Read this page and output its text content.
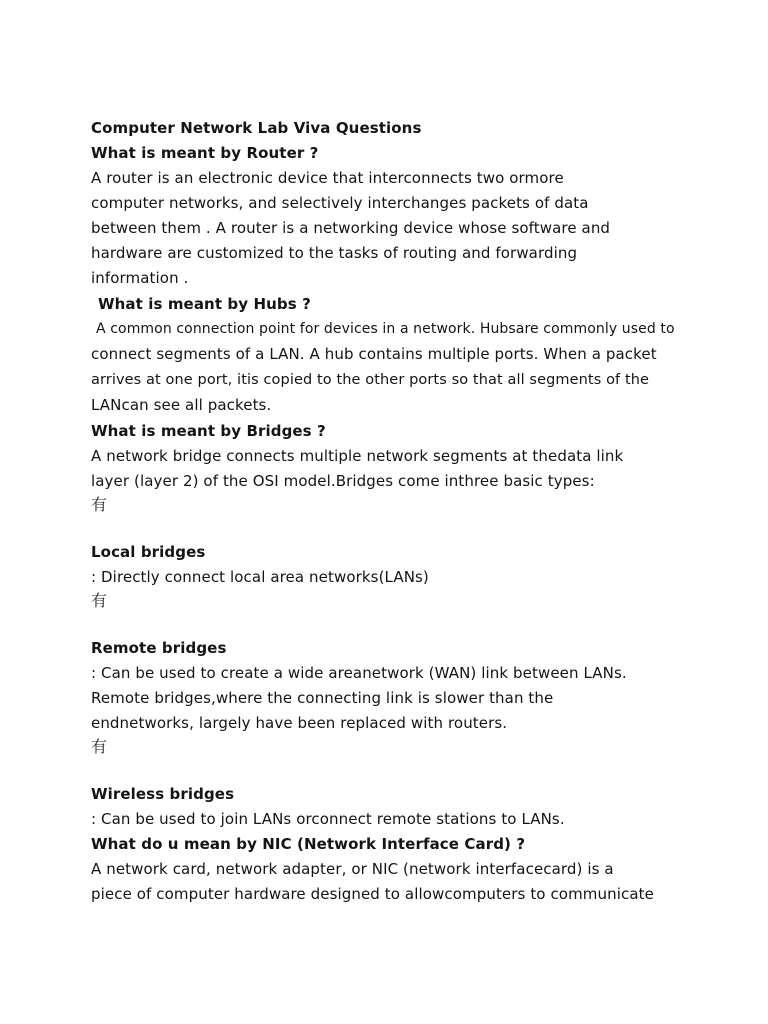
Computer Network Lab Viva Questions
What is meant by Router ?
A router is an electronic device that interconnects two ormore
computer networks, and selectively interchanges packets of data
between them . A router is a networking device whose software and
hardware are customized to the tasks of routing and forwarding
information .
What is meant by Hubs ?
A common connection point for devices in a network. Hubsare commonly used to
connect segments of a LAN. A hub contains multiple ports. When a packet
arrives at one port, itis copied to the other ports so that all segments of the
LANcan see all packets.
What is meant by Bridges ?
A network bridge connects multiple network segments at thedata link
layer (layer 2) of the OSI model.Bridges come inthree basic types:
有
Local bridges
: Directly connect local area networks(LANs)
有
Remote bridges
: Can be used to create a wide areanetwork (WAN) link between LANs.
Remote bridges,where the connecting link is slower than the
endnetworks, largely have been replaced with routers.
有
Wireless bridges
: Can be used to join LANs orconnect remote stations to LANs.
What do u mean by NIC (Network Interface Card) ?
A network card, network adapter, or NIC (network interfacecard) is a
piece of computer hardware designed to allowcomputers to communicate
